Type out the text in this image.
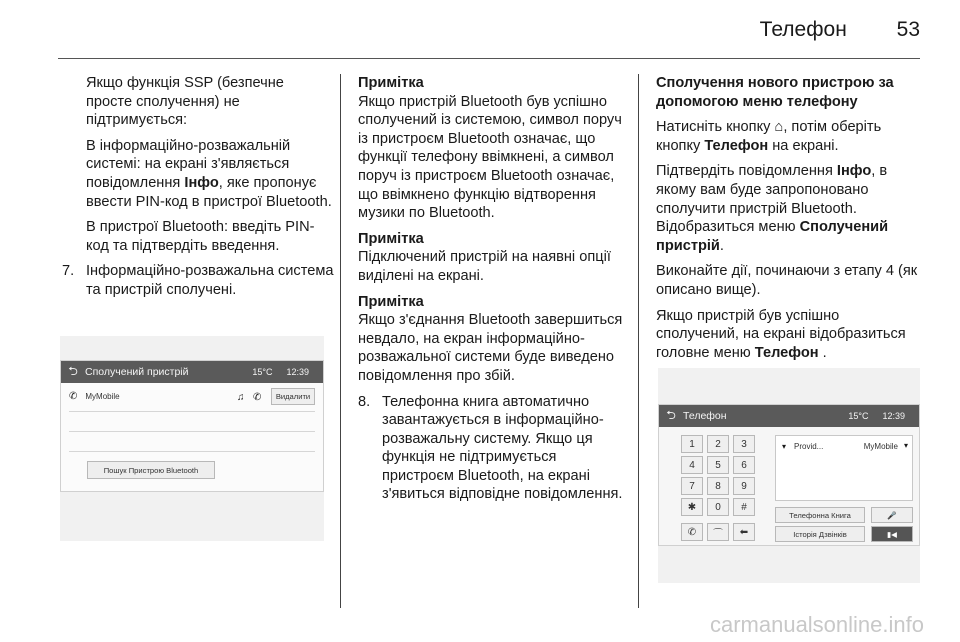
Телефон 53

Якщо функція SSP (безпечне просте сполучення) не підтримується:

В інформаційно-розважальній системі: на екрані з'являється повідомлення Інфо, яке пропонує ввести PIN-код в пристрої Bluetooth.

В пристрої Bluetooth: введіть PIN-код та підтвердіть введення.

7. Інформаційно-розважальна система та пристрій сполучені.
⮌ Сполучений пристрій	15°C 12:39
✆ MyMobile	♫ ✆	Видалити
Пошук Пристрою Bluetooth
Примітка

Якщо пристрій Bluetooth був успішно сполучений із системою, символ поруч із пристроєм Bluetooth означає, що функції телефону ввімкнені, а символ поруч із пристроєм Bluetooth означає, що ввімкнено функцію відтворення музики по Bluetooth.

Примітка

Підключений пристрій на наявні опції виділені на екрані.

Примітка

Якщо з'єднання Bluetooth завершиться невдало, на екран інформаційно-розважальної системи буде виведено повідомлення про збій.

8. Телефонна книга автоматично завантажується в інформаційно-розважальну систему. Якщо ця функція не підтримується пристроєм Bluetooth, на екрані з'явиться відповідне повідомлення.

Сполучення нового пристрою за допомогою меню телефону

Натисніть кнопку ⌂, потім оберіть кнопку Телефон на екрані.

Підтвердіть повідомлення Інфо, в якому вам буде запропоновано сполучити пристрій Bluetooth. Відобразиться меню Сполучений пристрій.

Виконайте дії, починаючи з етапу 4 (як описано вище).

Якщо пристрій був успішно сполучений, на екрані відобразиться головне меню Телефон .

⮌ Телефон	15°C 12:39
1	2	3
4	5	6
7	8	9
✱	0	#
✆	⌒	⬅
▾ Provid...	MyMobile ▾
Телефонна Книга	🎤
Історія Дзвінків	▮◀
carmanualsonline.info
